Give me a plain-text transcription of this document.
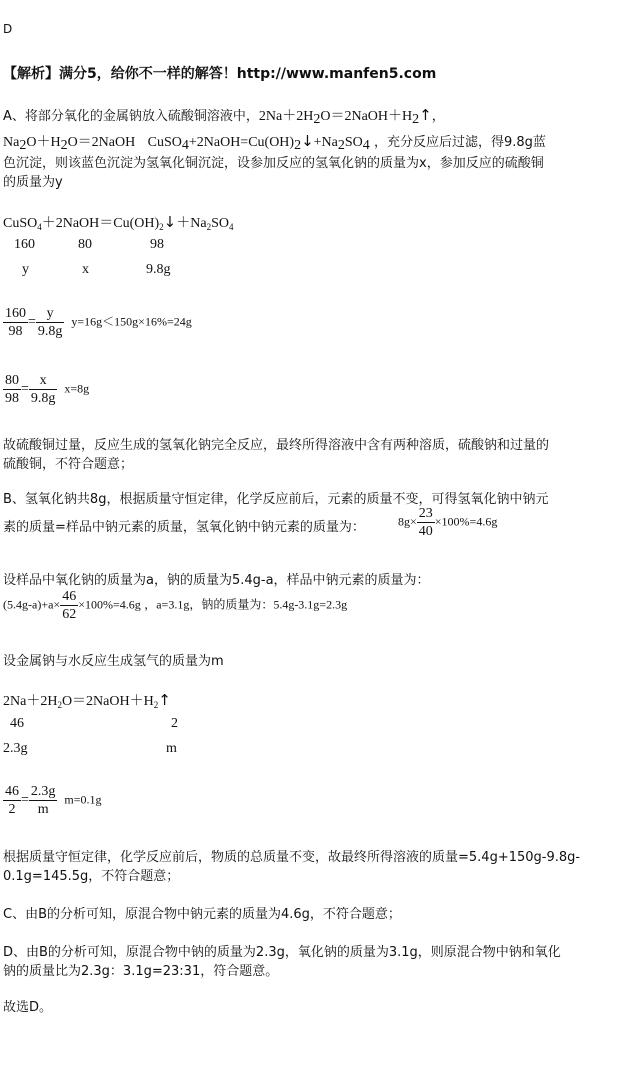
D
【解析】满分5，给你不一样的解答！http://www.manfen5.com
A、将部分氧化的金属钠放入硫酸铜溶液中，$2Na+2H_2O=2NaOH+H_2↑$，
$Na_2O+H_2O=2NaOH$ $CuSO_4+2NaOH=Cu(OH)_2↓+Na_2SO_4$ ，充分反应后过滤，得9.8g蓝
色沉淀，则该蓝色沉淀为氢氧化铜沉淀，设参加反应的氢氧化钠的质量为x，参加反应的硫酸铜
的质量为y
$CuSO_4+2NaOH=Cu(OH)_2↓+Na_2SO_4$
160	80	98
y	x	9.8g
$\frac{160}{98} = \frac{y}{9.8g} y=16g<150g\times 16\%=24g$
$\frac{80}{98} = \frac{x}{9.8g} x=8g$
故硫酸铜过量，反应生成的氢氧化钠完全反应，最终所得溶液中含有两种溶质，硫酸钠和过量的
硫酸铜，不符合题意；
B、氢氧化钠共8g，根据质量守恒定律，化学反应前后，元素的质量不变，可得氢氧化钠中钠元
素的质量=样品中钠元素的质量，氢氧化钠中钠元素的质量为：	$8g\times \frac{23}{40} \times 100\%=4.6g$
设样品中氧化钠的质量为a，钠的质量为5.4g-a，样品中钠元素的质量为：
$(5.4g-a)+a\times \frac{46}{62} \times 100\%=4.6g$ ，a=3.1g，钠的质量为：5.4g-3.1g=2.3g
设金属钠与水反应生成氢气的质量为m
$2Na+2H_2O=2NaOH+H_2↑$
46	2
2.3g	m
$\frac{46}{2} = \frac{2.3g}{m} m=0.1g$
根据质量守恒定律，化学反应前后，物质的总质量不变，故最终所得溶液的质量=5.4g+150g-9.8g-
0.1g=145.5g，不符合题意；
C、由B的分析可知，原混合物中钠元素的质量为4.6g，不符合题意；
D、由B的分析可知，原混合物中钠的质量为2.3g，氧化钠的质量为3.1g，则原混合物中钠和氧化
钠的质量比为2.3g：3.1g=23:31，符合题意。
故选D。
